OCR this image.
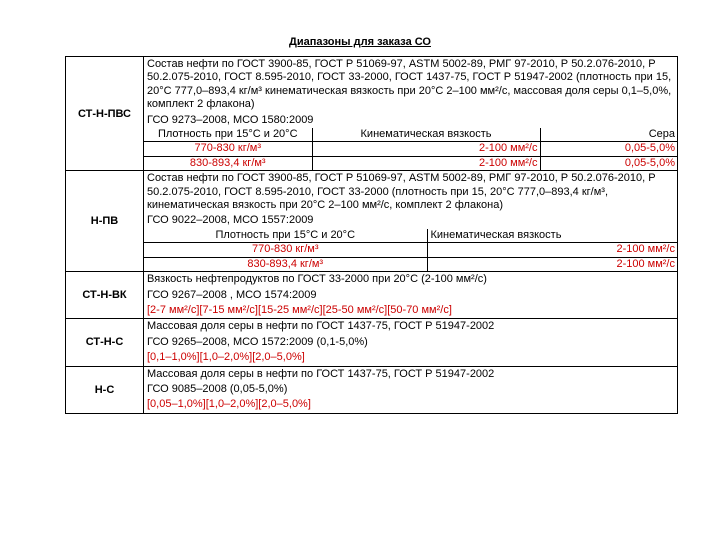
Диапазоны для заказа СО
СТ-Н-ПВС	
Состав нефти по ГОСТ 3900-85, ГОСТ Р 51069-97, ASTM 5002-89, РМГ 97-2010, Р 50.2.076-2010, Р 50.2.075-2010, ГОСТ 8.595-2010, ГОСТ 33-2000, ГОСТ 1437-75, ГОСТ Р 51947-2002 (плотность при 15, 20°С 777,0–893,4 кг/м³ кинематическая вязкость при 20°С 2–100 мм²/с, массовая доля серы 0,1–5,0%, комплект 2 флакона)
ГСО 9273–2008, МСО 1580:2009
Плотность при 15°С и 20°С	Кинематическая вязкость	Сера
770-830 кг/м³	2-100 мм²/с	0,05-5,0%
830-893,4 кг/м³	2-100 мм²/с	0,05-5,0%

Н-ПВ	
Состав нефти по ГОСТ 3900-85, ГОСТ Р 51069-97, ASTM 5002-89, РМГ 97-2010, Р 50.2.076-2010, Р 50.2.075-2010, ГОСТ 8.595-2010, ГОСТ 33-2000 (плотность при 15, 20°С 777,0–893,4 кг/м³, кинематическая вязкость при 20°С 2–100 мм²/с, комплект 2 флакона)
ГСО 9022–2008, МСО 1557:2009
Плотность при 15°С и 20°С	Кинематическая вязкость
770-830 кг/м³	2-100 мм²/с
830-893,4 кг/м³	2-100 мм²/с

СТ-Н-ВК	
Вязкость нефтепродуктов по ГОСТ 33-2000 при 20°С (2-100 мм²/с)
ГСО 9267–2008 , МСО 1574:2009
[2-7 мм²/с][7-15 мм²/с][15-25 мм²/с][25-50 мм²/с][50-70 мм²/с]

СТ-Н-С	
Массовая доля серы в нефти по ГОСТ 1437-75, ГОСТ Р 51947-2002
ГСО 9265–2008, МСО 1572:2009 (0,1-5,0%)
[0,1–1,0%][1,0–2,0%][2,0–5,0%]

Н-С	
Массовая доля серы в нефти по ГОСТ 1437-75, ГОСТ Р 51947-2002
ГСО 9085–2008 (0,05-5,0%)
[0,05–1,0%][1,0–2,0%][2,0–5,0%]
